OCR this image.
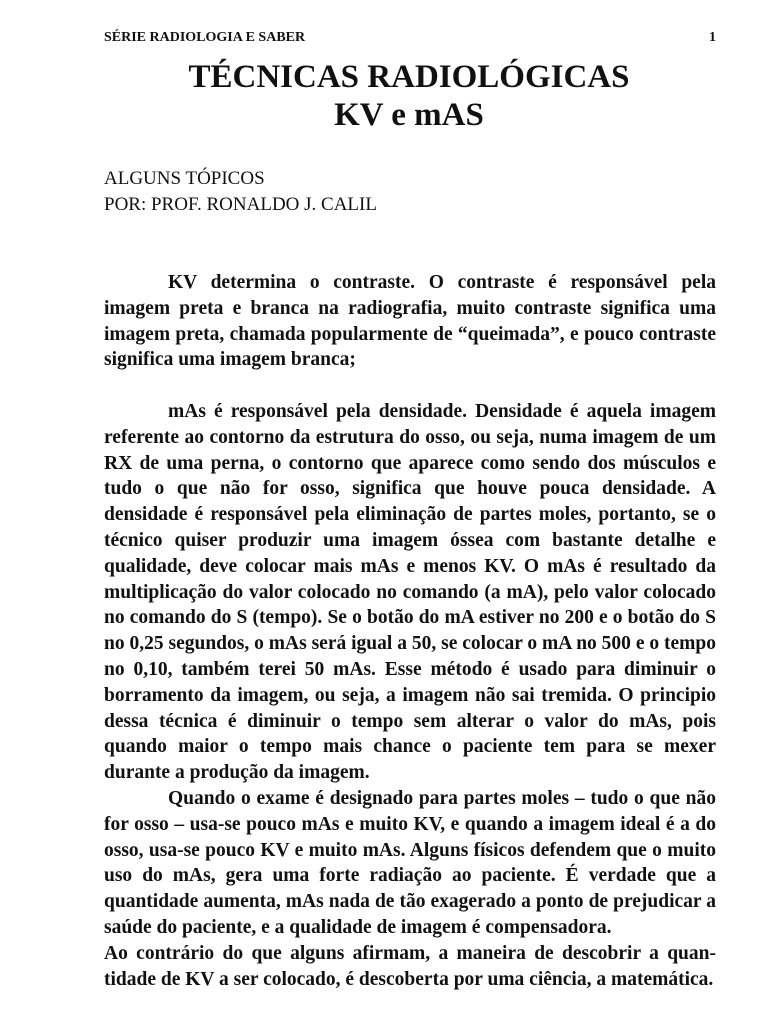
SÉRIE RADIOLOGIA E SABER	1
TÉCNICAS RADIOLÓGICAS
KV e mAS
ALGUNS TÓPICOS
POR: PROF. RONALDO J. CALIL

KV determina o contraste. O contraste é responsável pela imagem preta e branca na radiografia, muito contraste significa uma imagem preta, chamada popularmente de “queimada”, e pouco contraste significa uma imagem branca;

mAs é responsável pela densidade. Densidade é aquela imagem referente ao contorno da estrutura do osso, ou seja, numa imagem de um RX de uma perna, o contorno que aparece como sendo dos músculos e tudo o que não for osso, significa que houve pouca densidade. A densidade é responsável pela eliminação de partes moles, portanto, se o técnico quiser produzir uma imagem óssea com bastante detalhe e qualidade, deve colocar mais mAs e menos KV. O mAs é resultado da multiplicação do valor colocado no comando (a mA), pelo valor colocado no comando do S (tempo). Se o botão do mA estiver no 200 e o botão do S no 0,25 segundos, o mAs será igual a 50, se colocar o mA no 500 e o tempo no 0,10, também terei 50 mAs. Esse método é usado para diminuir o borramento da imagem, ou seja, a imagem não sai tremida. O principio dessa técnica é diminuir o tempo sem alterar o valor do mAs, pois quando maior o tempo mais chance o paciente tem para se mexer durante a produção da imagem.

Quando o exame é designado para partes moles – tudo o que não for osso – usa-se pouco mAs e muito KV, e quando a imagem ideal é a do osso, usa-se pouco KV e muito mAs. Alguns físicos defendem que o muito uso do mAs, gera uma forte radiação ao paciente. É verdade que a quantidade aumenta, mAs nada de tão exagerado a ponto de prejudicar a saúde do paciente, e a qualidade de imagem é compensadora.

Ao contrário do que alguns afirmam, a maneira de descobrir a quantidade de KV a ser colocado, é descoberta por uma ciência, a matemática.
